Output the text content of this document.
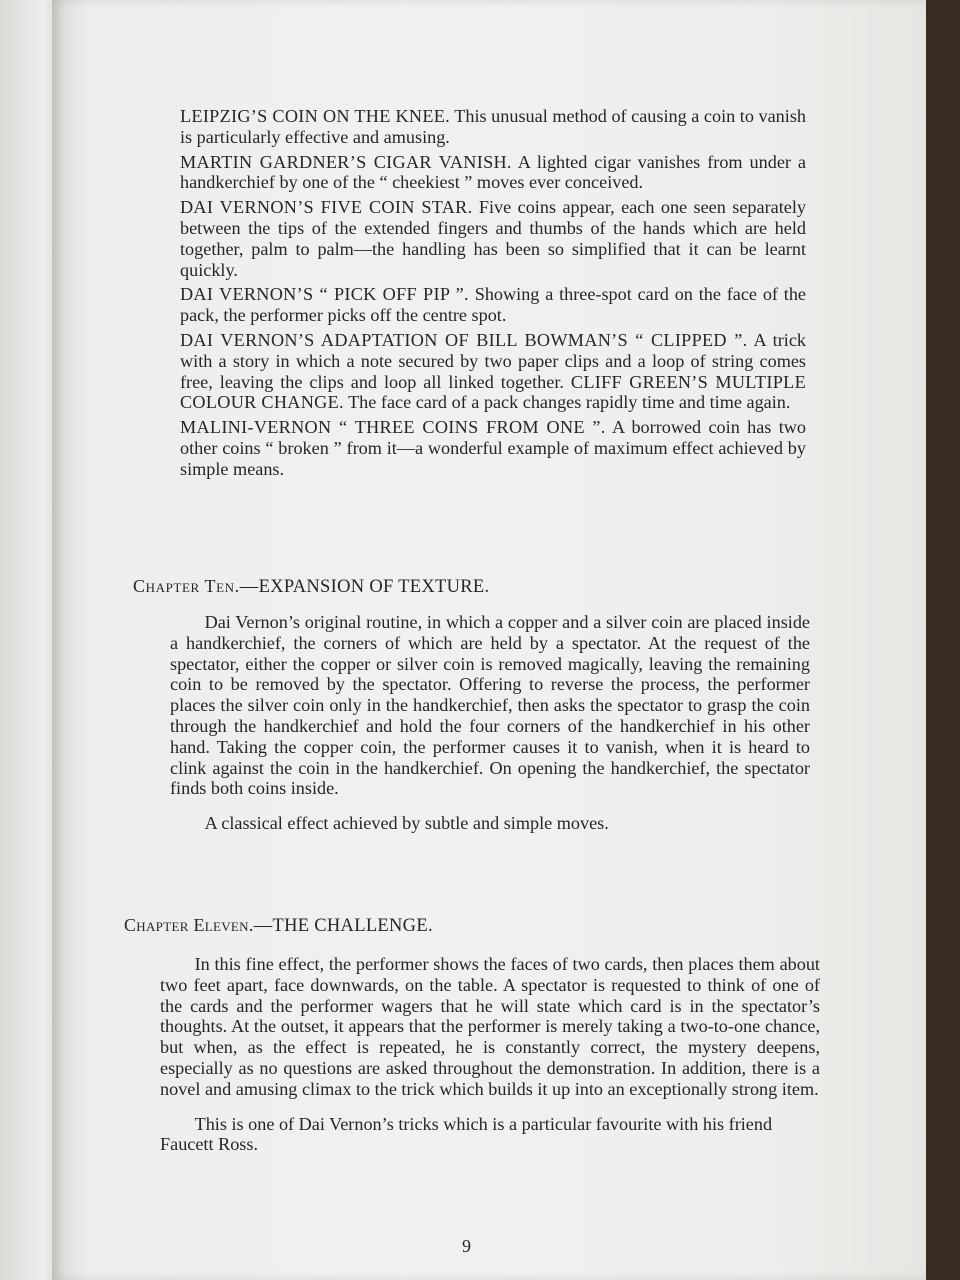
LEIPZIG’S COIN ON THE KNEE. This unusual method of causing a coin to vanish is particularly effective and amusing.

MARTIN GARDNER’S CIGAR VANISH. A lighted cigar vanishes from under a handkerchief by one of the “ cheekiest ” moves ever conceived.

DAI VERNON’S FIVE COIN STAR. Five coins appear, each one seen separately between the tips of the extended fingers and thumbs of the hands which are held together, palm to palm—the handling has been so simplified that it can be learnt quickly.

DAI VERNON’S “ PICK OFF PIP ”. Showing a three-spot card on the face of the pack, the performer picks off the centre spot.

DAI VERNON’S ADAPTATION OF BILL BOWMAN’S “ CLIPPED ”. A trick with a story in which a note secured by two paper clips and a loop of string comes free, leaving the clips and loop all linked together. CLIFF GREEN’S MULTIPLE COLOUR CHANGE. The face card of a pack changes rapidly time and time again.

MALINI-VERNON “ THREE COINS FROM ONE ”. A borrowed coin has two other coins “ broken ” from it—a wonderful example of maximum effect achieved by simple means.

Chapter Ten.—EXPANSION OF TEXTURE.

Dai Vernon’s original routine, in which a copper and a silver coin are placed inside a handkerchief, the corners of which are held by a spectator. At the request of the spectator, either the copper or silver coin is removed magically, leaving the remaining coin to be removed by the spectator. Offering to reverse the process, the performer places the silver coin only in the handkerchief, then asks the spectator to grasp the coin through the handkerchief and hold the four corners of the handkerchief in his other hand. Taking the copper coin, the performer causes it to vanish, when it is heard to clink against the coin in the handkerchief. On opening the handkerchief, the spectator finds both coins inside.

A classical effect achieved by subtle and simple moves.

Chapter Eleven.—THE CHALLENGE.

In this fine effect, the performer shows the faces of two cards, then places them about two feet apart, face downwards, on the table. A spectator is requested to think of one of the cards and the performer wagers that he will state which card is in the spectator’s thoughts. At the outset, it appears that the performer is merely taking a two-to-one chance, but when, as the effect is repeated, he is constantly correct, the mystery deepens, especially as no questions are asked throughout the demonstration. In addition, there is a novel and amusing climax to the trick which builds it up into an exceptionally strong item.

This is one of Dai Vernon’s tricks which is a particular favourite with his friend Faucett Ross.

9
